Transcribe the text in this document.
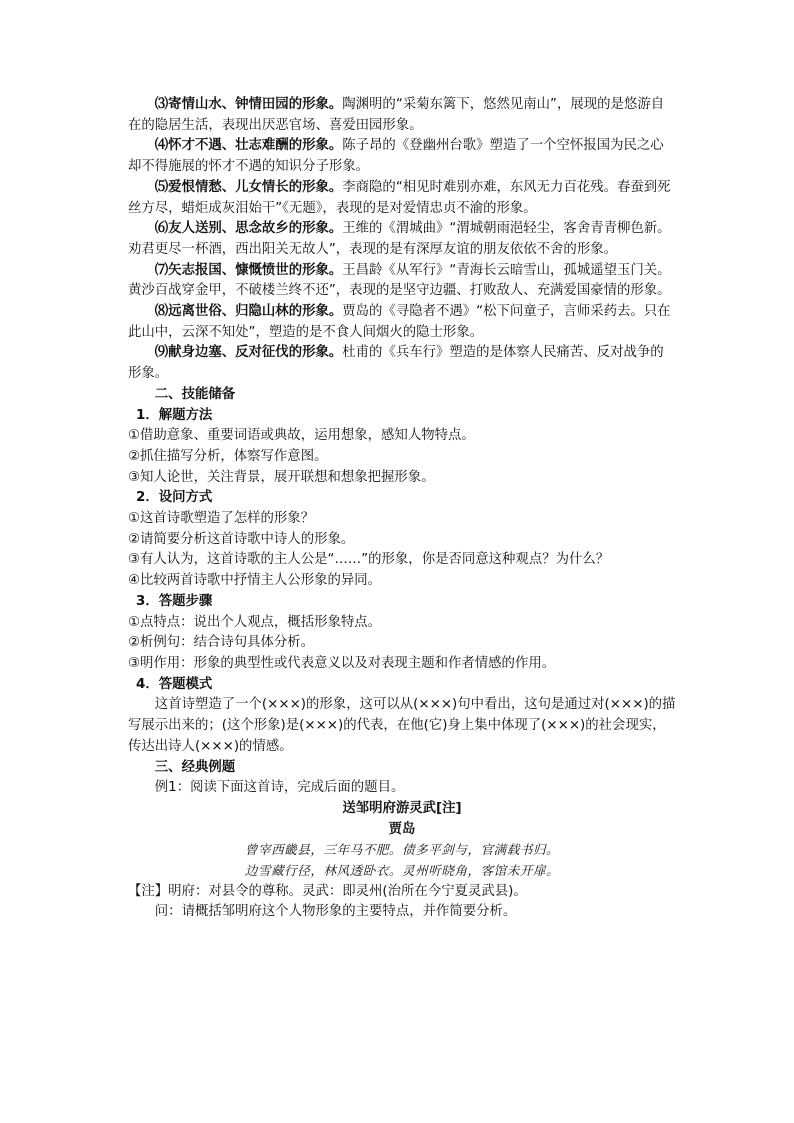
⑶寄情山水、钟情田园的形象。陶渊明的“采菊东篱下，悠然见南山”，展现的是悠游自在的隐居生活，表现出厌恶官场、喜爱田园形象。

⑷怀才不遇、壮志难酬的形象。陈子昂的《登幽州台歌》塑造了一个空怀报国为民之心却不得施展的怀才不遇的知识分子形象。

⑸爱恨情愁、儿女情长的形象。李商隐的“相见时难别亦难，东风无力百花残。春蚕到死丝方尽，蜡炬成灰泪始干”《无题》，表现的是对爱情忠贞不渝的形象。

⑹友人送别、思念故乡的形象。王维的《渭城曲》“渭城朝雨浥轻尘，客舍青青柳色新。劝君更尽一杯酒，西出阳关无故人”，表现的是有深厚友谊的朋友依依不舍的形象。

⑺矢志报国、慷慨愤世的形象。王昌龄《从军行》“青海长云暗雪山，孤城遥望玉门关。黄沙百战穿金甲，不破楼兰终不还”，表现的是坚守边疆、打败敌人、充满爱国豪情的形象。

⑻远离世俗、归隐山林的形象。贾岛的《寻隐者不遇》“松下问童子，言师采药去。只在此山中，云深不知处”，塑造的是不食人间烟火的隐士形象。

⑼献身边塞、反对征伐的形象。杜甫的《兵车行》塑造的是体察人民痛苦、反对战争的形象。

二、技能储备

1．解题方法

①借助意象、重要词语或典故，运用想象，感知人物特点。

②抓住描写分析，体察写作意图。

③知人论世，关注背景，展开联想和想象把握形象。

2．设问方式

①这首诗歌塑造了怎样的形象？

②请简要分析这首诗歌中诗人的形象。

③有人认为，这首诗歌的主人公是“……”的形象，你是否同意这种观点？为什么？

④比较两首诗歌中抒情主人公形象的异同。

3．答题步骤

①点特点：说出个人观点，概括形象特点。

②析例句：结合诗句具体分析。

③明作用：形象的典型性或代表意义以及对表现主题和作者情感的作用。

4．答题模式

这首诗塑造了一个(×××)的形象，这可以从(×××)句中看出，这句是通过对(×××)的描写展示出来的；(这个形象)是(×××)的代表，在他(它)身上集中体现了(×××)的社会现实，传达出诗人(×××)的情感。

三、经典例题

例1：阅读下面这首诗，完成后面的题目。

送邹明府游灵武[注]

贾岛

曾宰西畿县，三年马不肥。债多平剑与，官满载书归。

边雪藏行径，林风透卧衣。灵州听晓角，客馆未开扉。

【注】明府：对县令的尊称。灵武：即灵州(治所在今宁夏灵武县)。

问：请概括邹明府这个人物形象的主要特点，并作简要分析。
